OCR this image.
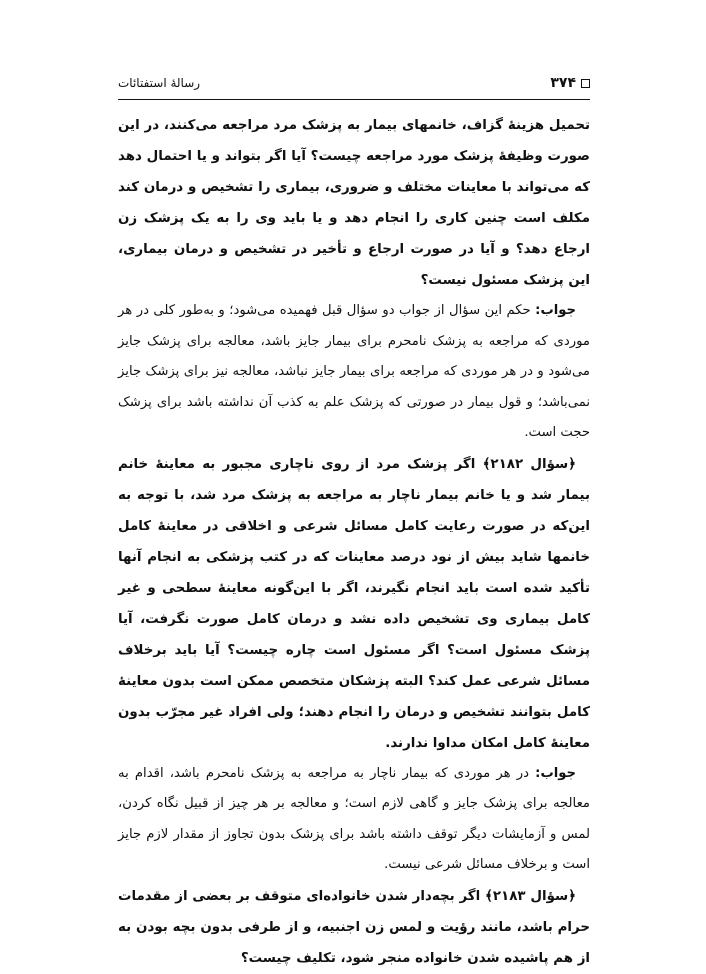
۳۷۴
رسالهٔ استفتائات

تحمیل هزینهٔ گزاف، خانمهای بیمار به پزشک مرد مراجعه می‌کنند، در این صورت وظیفهٔ پزشک مورد مراجعه چیست؟ آیا اگر بتواند و یا احتمال دهد که می‌تواند با معاینات مختلف و ضروری، بیماری را تشخیص و درمان کند مکلف است چنین کاری را انجام دهد و یا باید وی را به یک پزشک زن ارجاع دهد؟ و آیا در صورت ارجاع و تأخیر در تشخیص و درمان بیماری، این پزشک مسئول نیست؟

جواب: حکم این سؤال از جواب دو سؤال قبل فهمیده می‌شود؛ و به‌طور کلی در هر موردی که مراجعه به پزشک نامحرم برای بیمار جایز باشد، معالجه برای پزشک جایز می‌شود و در هر موردی که مراجعه برای بیمار جایز نباشد، معالجه نیز برای پزشک جایز نمی‌باشد؛ و قول بیمار در صورتی که پزشک علم به کذب آن نداشته باشد برای پزشک حجت است.

﴿سؤال ۲۱۸۲﴾ اگر پزشک مرد از روی ناچاری مجبور به معاینهٔ خانم بیمار شد و یا خانم بیمار ناچار به مراجعه به پزشک مرد شد، با توجه به این‌که در صورت رعایت کامل مسائل شرعی و اخلاقی در معاینهٔ کامل خانمها شاید بیش از نود درصد معاینات که در کتب پزشکی به انجام آنها تأکید شده است باید انجام نگیرند، اگر با این‌گونه معاینهٔ سطحی و غیر کامل بیماری وی تشخیص داده نشد و درمان کامل صورت نگرفت، آیا پزشک مسئول است؟ اگر مسئول است چاره چیست؟ آیا باید برخلاف مسائل شرعی عمل کند؟ البته پزشکان متخصص ممکن است بدون معاینهٔ کامل بتوانند تشخیص و درمان را انجام دهند؛ ولی افراد غیر مجرّب بدون معاینهٔ کامل امکان مداوا ندارند.

جواب: در هر موردی که بیمار ناچار به مراجعه به پزشک نامحرم باشد، اقدام به معالجه برای پزشک جایز و گاهی لازم است؛ و معالجه بر هر چیز از قبیل نگاه کردن، لمس و آزمایشات دیگر توقف داشته باشد برای پزشک بدون تجاوز از مقدار لازم جایز است و برخلاف مسائل شرعی نیست.

﴿سؤال ۲۱۸۳﴾ اگر بچه‌دار شدن خانواده‌ای متوقف بر بعضی از مقدمات حرام باشد، مانند رؤیت و لمس زن اجنبیه، و از طرفی بدون بچه بودن به از هم پاشیده شدن خانواده منجر شود، تکلیف چیست؟
